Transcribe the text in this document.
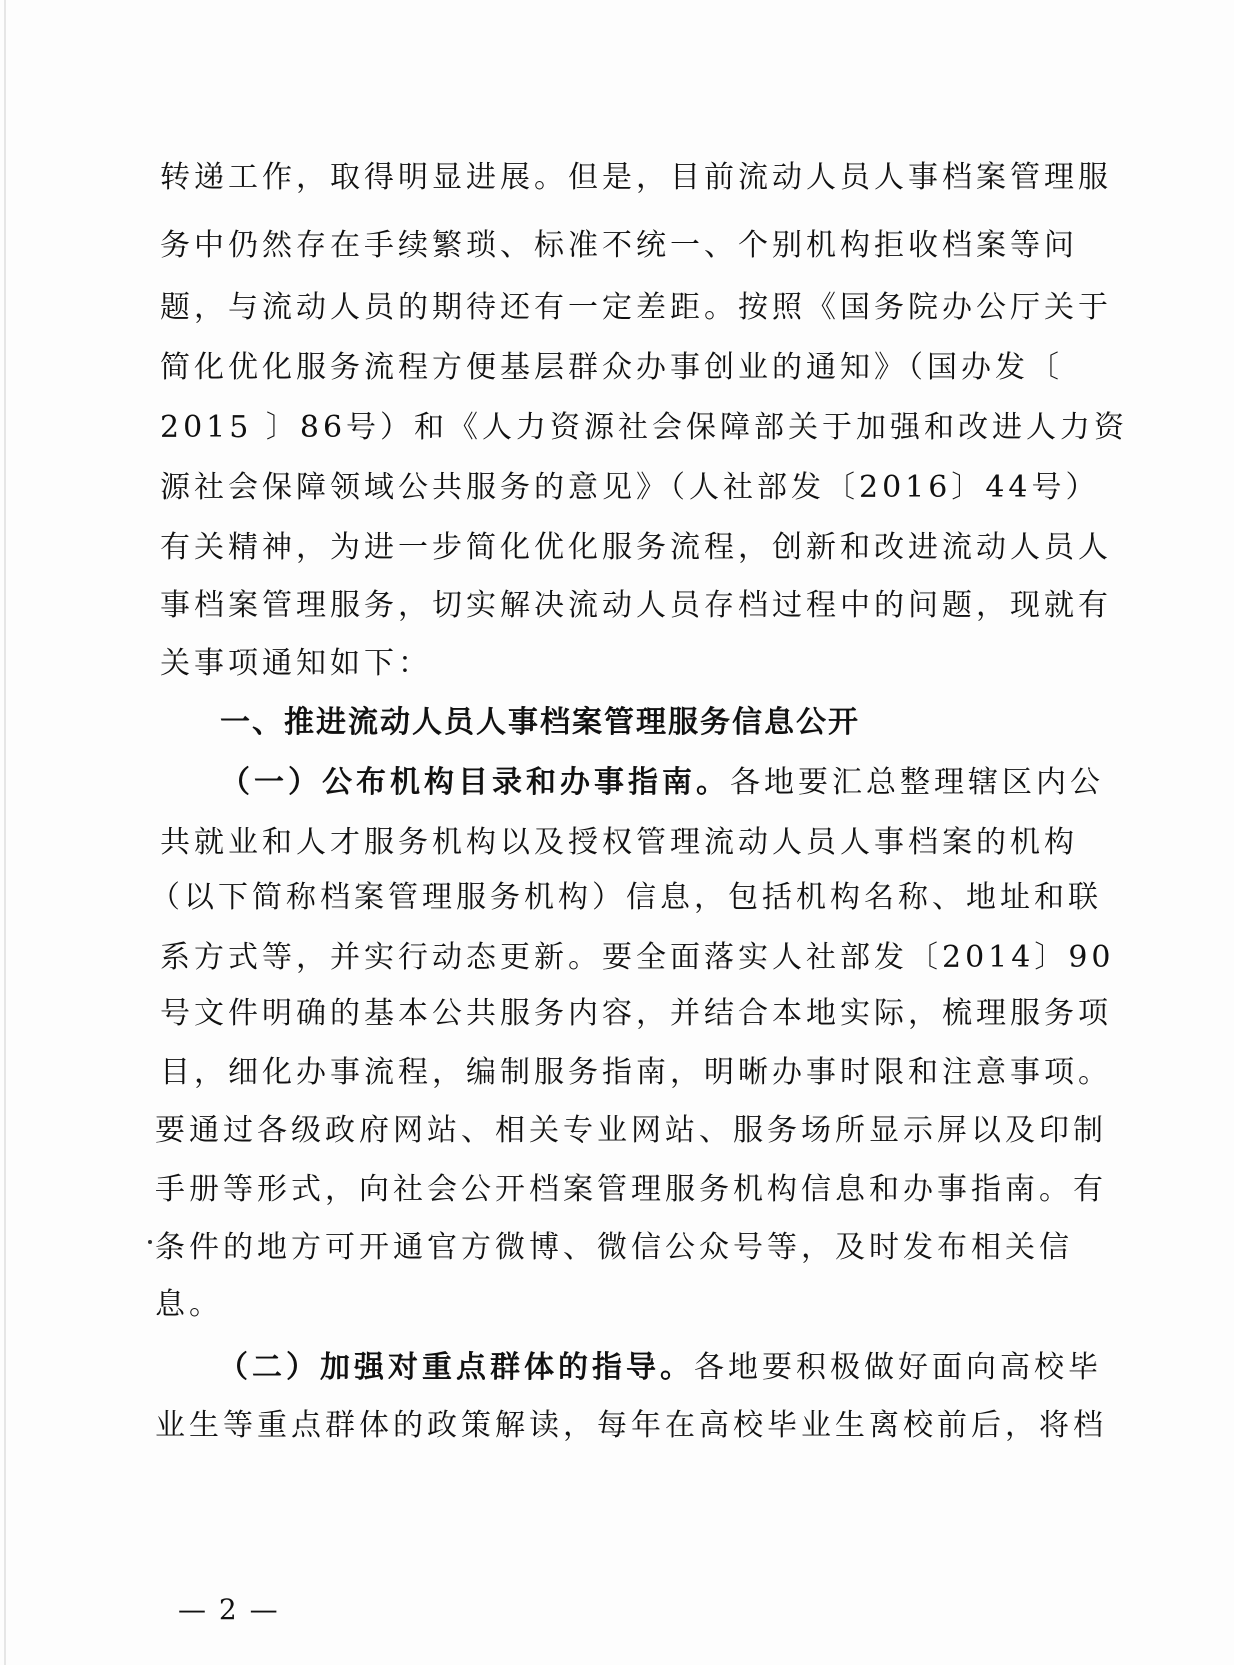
转递工作，取得明显进展。但是，目前流动人员人事档案管理服
务中仍然存在手续繁琐、标准不统一、个别机构拒收档案等问
题，与流动人员的期待还有一定差距。按照《国务院办公厅关于
简化优化服务流程方便基层群众办事创业的通知》（国办发〔
2015 〕86号）和《人力资源社会保障部关于加强和改进人力资
源社会保障领域公共服务的意见》（人社部发〔2016〕44号）
有关精神，为进一步简化优化服务流程，创新和改进流动人员人
事档案管理服务，切实解决流动人员存档过程中的问题，现就有
关事项通知如下：
一、推进流动人员人事档案管理服务信息公开
（一）公布机构目录和办事指南。各地要汇总整理辖区内公
共就业和人才服务机构以及授权管理流动人员人事档案的机构
（以下简称档案管理服务机构）信息，包括机构名称、地址和联
系方式等，并实行动态更新。要全面落实人社部发〔2014〕90
号文件明确的基本公共服务内容，并结合本地实际，梳理服务项
目，细化办事流程，编制服务指南，明晰办事时限和注意事项。
要通过各级政府网站、相关专业网站、服务场所显示屏以及印制
手册等形式，向社会公开档案管理服务机构信息和办事指南。有
条件的地方可开通官方微博、微信公众号等，及时发布相关信
息。
（二）加强对重点群体的指导。各地要积极做好面向高校毕
业生等重点群体的政策解读，每年在高校毕业生离校前后，将档
— 2 —
